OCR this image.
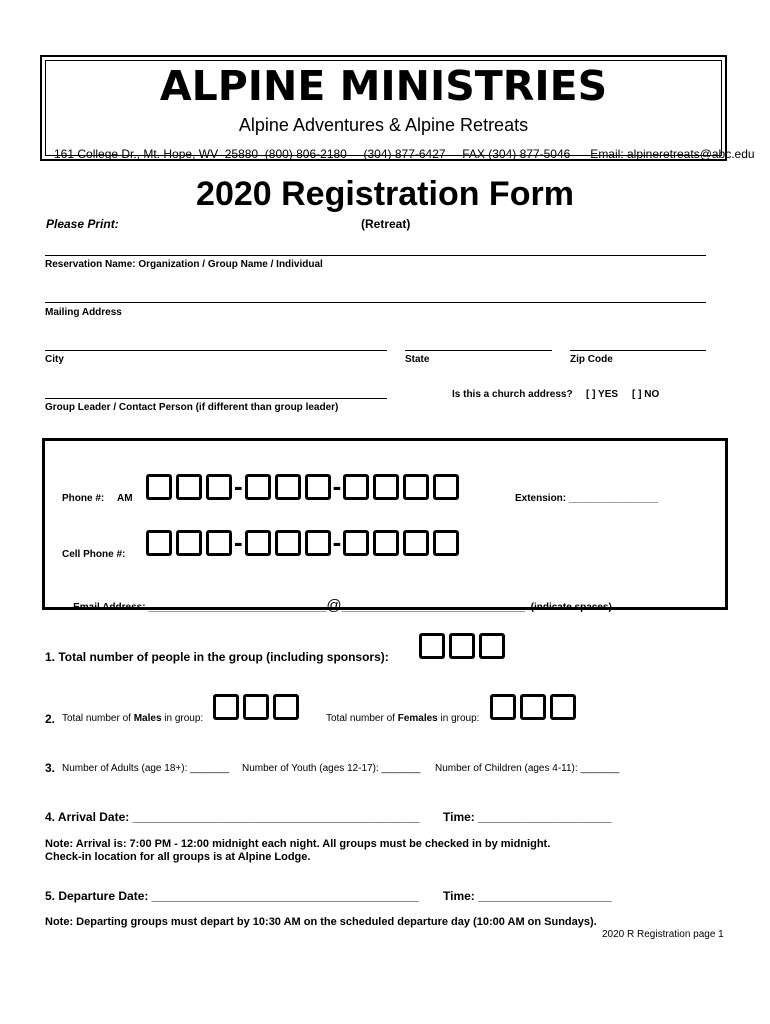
ALPINE MINISTRIES
Alpine Adventures & Alpine Retreats
161 College Dr., Mt. Hope, WV  25880  (800) 806-2180     (304) 877-6427     FAX (304) 877-5046      Email: alpineretreats@abc.edu
2020 Registration Form
Please Print:	(Retreat)
Reservation Name: Organization / Group Name / Individual
Mailing Address
City	State	Zip Code
Is this a church address? [ ] YES [ ] NO
Group Leader / Contact Person (if different than group leader)
Phone #: AM	-	-	Extension: ________________
Cell Phone #:	-	-

Email Address: ________________________________@_________________________________  (indicate spaces)

1. Total number of people in the group (including sponsors):
2. Total number of Males in group:	Total number of Females in group:
3. Number of Adults (age 18+): _______ Number of Youth (ages 12-17): _______ Number of Children (ages 4-11): _______
4. Arrival Date: ___________________________________________ Time: ____________________
Note: Arrival is: 7:00 PM - 12:00 midnight each night. All groups must be checked in by midnight.
Check-in location for all groups is at Alpine Lodge.
5. Departure Date: ________________________________________ Time: ____________________
Note: Departing groups must depart by 10:30 AM on the scheduled departure day (10:00 AM on Sundays).
2020 R Registration page 1
